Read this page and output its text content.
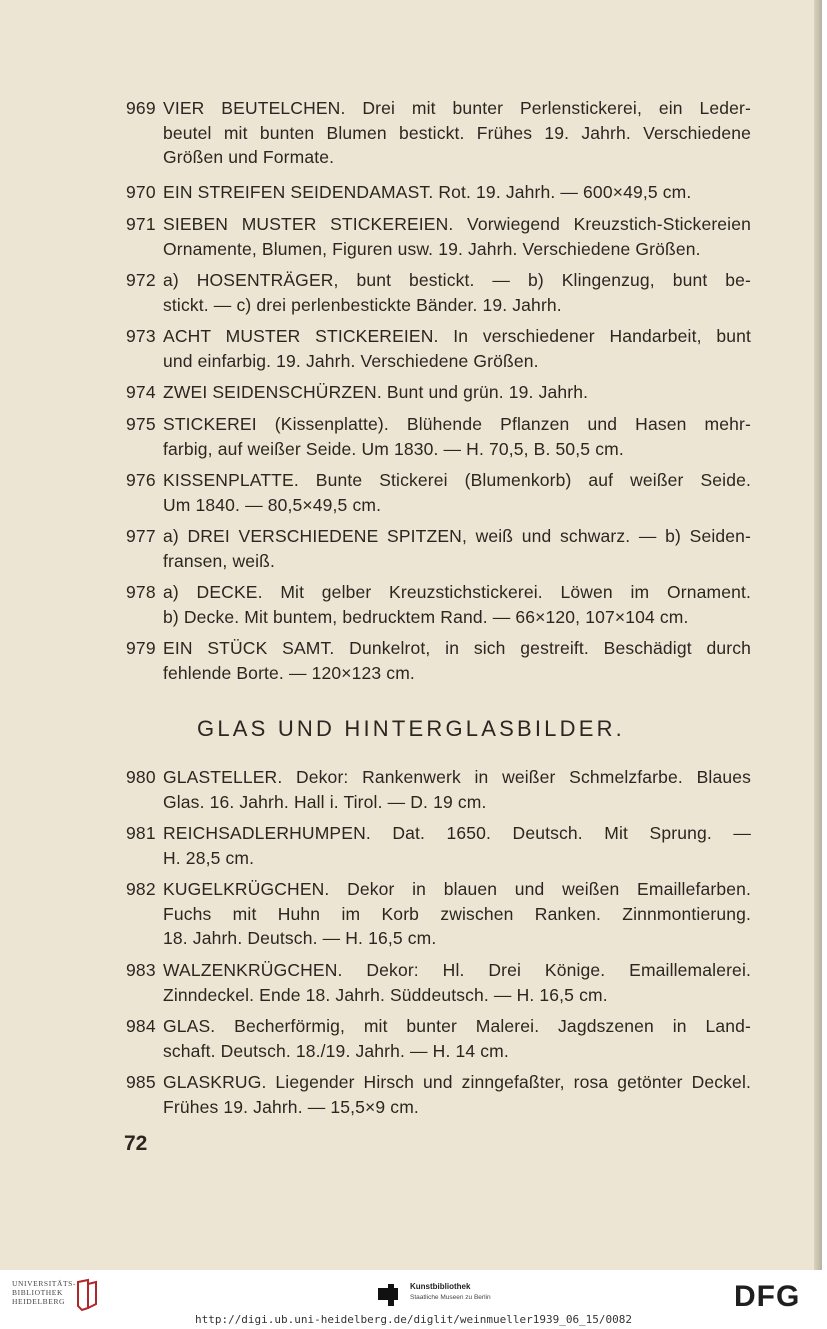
969 VIER BEUTELCHEN. Drei mit bunter Perlenstickerei, ein Leder-
beutel mit bunten Blumen bestickt. Frühes 19. Jahrh. Verschiedene
Größen und Formate.
970 EIN STREIFEN SEIDENDAMAST. Rot. 19. Jahrh. — 600×49,5 cm.
971 SIEBEN MUSTER STICKEREIEN. Vorwiegend Kreuzstich-Stickereien
Ornamente, Blumen, Figuren usw. 19. Jahrh. Verschiedene Größen.
972 a) HOSENTRÄGER, bunt bestickt. — b) Klingenzug, bunt be-
stickt. — c) drei perlenbestickte Bänder. 19. Jahrh.
973 ACHT MUSTER STICKEREIEN. In verschiedener Handarbeit, bunt
und einfarbig. 19. Jahrh. Verschiedene Größen.
974 ZWEI SEIDENSCHÜRZEN. Bunt und grün. 19. Jahrh.
975 STICKEREI (Kissenplatte). Blühende Pflanzen und Hasen mehr-
farbig, auf weißer Seide. Um 1830. — H. 70,5, B. 50,5 cm.
976 KISSENPLATTE. Bunte Stickerei (Blumenkorb) auf weißer Seide.
Um 1840. — 80,5×49,5 cm.
977 a) DREI VERSCHIEDENE SPITZEN, weiß und schwarz. — b) Seiden-
fransen, weiß.
978 a) DECKE. Mit gelber Kreuzstichstickerei. Löwen im Ornament.
b) Decke. Mit buntem, bedrucktem Rand. — 66×120, 107×104 cm.
979 EIN STÜCK SAMT. Dunkelrot, in sich gestreift. Beschädigt durch
fehlende Borte. — 120×123 cm.
980 GLASTELLER. Dekor: Rankenwerk in weißer Schmelzfarbe. Blaues
Glas. 16. Jahrh. Hall i. Tirol. — D. 19 cm.
981 REICHSADLERHUMPEN. Dat. 1650. Deutsch. Mit Sprung. —
H. 28,5 cm.
982 KUGELKRÜGCHEN. Dekor in blauen und weißen Emaillefarben.
Fuchs mit Huhn im Korb zwischen Ranken. Zinnmontierung.
18. Jahrh. Deutsch. — H. 16,5 cm.
983 WALZENKRÜGCHEN. Dekor: Hl. Drei Könige. Emaillemalerei.
Zinndeckel. Ende 18. Jahrh. Süddeutsch. — H. 16,5 cm.
984 GLAS. Becherförmig, mit bunter Malerei. Jagdszenen in Land-
schaft. Deutsch. 18./19. Jahrh. — H. 14 cm.
985 GLASKRUG. Liegender Hirsch und zinngefaßter, rosa getönter Deckel.
Frühes 19. Jahrh. — 15,5×9 cm.
GLAS UND HINTERGLASBILDER.
72
UNIVERSITÄTS-
BIBLIOTHEK
HEIDELBERG
Kunstbibliothek
Staatliche Museen zu Berlin	DFG
http://digi.ub.uni-heidelberg.de/diglit/weinmueller1939_06_15/0082
